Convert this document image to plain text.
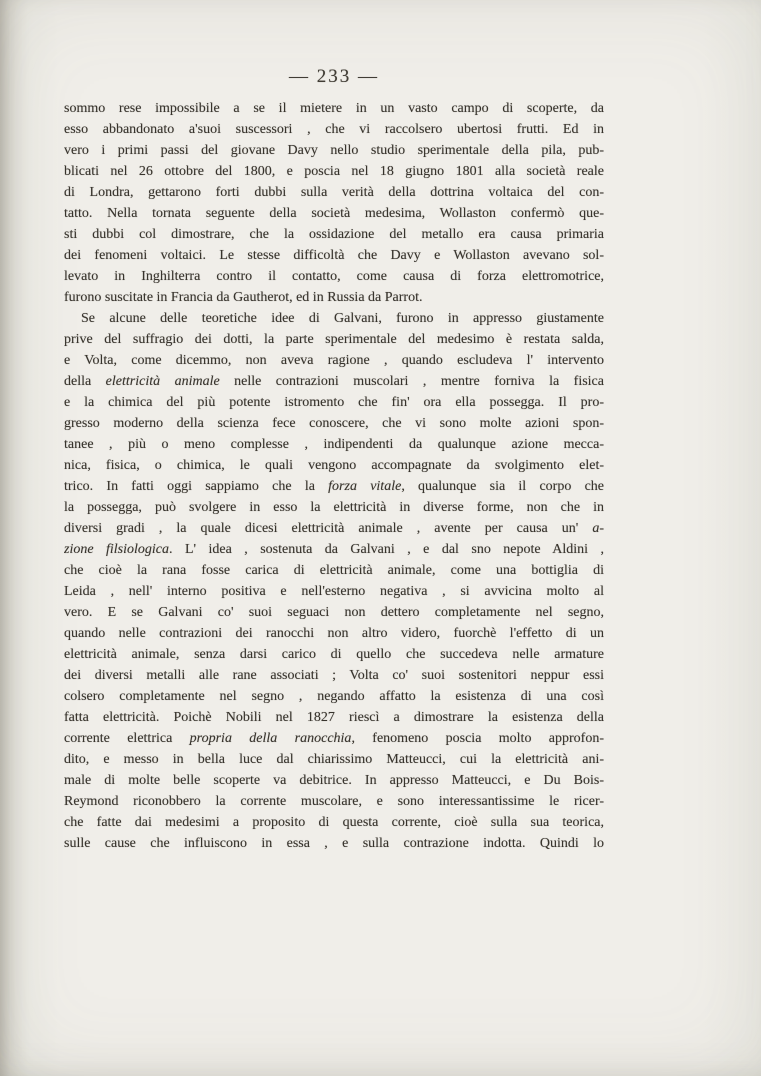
— 233 —
sommo rese impossibile a se il mietere in un vasto campo di scoperte, da
esso abbandonato a'suoi suscessori , che vi raccolsero ubertosi frutti. Ed in
vero i primi passi del giovane Davy nello studio sperimentale della pila, pub-
blicati nel 26 ottobre del 1800, e poscia nel 18 giugno 1801 alla società reale
di Londra, gettarono forti dubbi sulla verità della dottrina voltaica del con-
tatto. Nella tornata seguente della società medesima, Wollaston confermò que-
sti dubbi col dimostrare, che la ossidazione del metallo era causa primaria
dei fenomeni voltaici. Le stesse difficoltà che Davy e Wollaston avevano sol-
levato in Inghilterra contro il contatto, come causa di forza elettromotrice,
furono suscitate in Francia da Gautherot, ed in Russia da Parrot.
Se alcune delle teoretiche idee di Galvani, furono in appresso giustamente
prive del suffragio dei dotti, la parte sperimentale del medesimo è restata salda,
e Volta, come dicemmo, non aveva ragione , quando escludeva l' intervento
della elettricità animale nelle contrazioni muscolari , mentre forniva la fisica
e la chimica del più potente istromento che fin' ora ella possegga. Il pro-
gresso moderno della scienza fece conoscere, che vi sono molte azioni spon-
tanee , più o meno complesse , indipendenti da qualunque azione mecca-
nica, fisica, o chimica, le quali vengono accompagnate da svolgimento elet-
trico. In fatti oggi sappiamo che la forza vitale, qualunque sia il corpo che
la possegga, può svolgere in esso la elettricità in diverse forme, non che in
diversi gradi , la quale dicesi elettricità animale , avente per causa un' a-
zione filsiologica. L' idea , sostenuta da Galvani , e dal sno nepote Aldini ,
che cioè la rana fosse carica di elettricità animale, come una bottiglia di
Leida , nell' interno positiva e nell'esterno negativa , si avvicina molto al
vero. E se Galvani co' suoi seguaci non dettero completamente nel segno,
quando nelle contrazioni dei ranocchi non altro videro, fuorchè l'effetto di un
elettricità animale, senza darsi carico di quello che succedeva nelle armature
dei diversi metalli alle rane associati ; Volta co' suoi sostenitori neppur essi
colsero completamente nel segno , negando affatto la esistenza di una così
fatta elettricità. Poichè Nobili nel 1827 riescì a dimostrare la esistenza della
corrente elettrica propria della ranocchia, fenomeno poscia molto approfon-
dito, e messo in bella luce dal chiarissimo Matteucci, cui la elettricità ani-
male di molte belle scoperte va debitrice. In appresso Matteucci, e Du Bois-
Reymond riconobbero la corrente muscolare, e sono interessantissime le ricer-
che fatte dai medesimi a proposito di questa corrente, cioè sulla sua teorica,
sulle cause che influiscono in essa , e sulla contrazione indotta. Quindi lo
